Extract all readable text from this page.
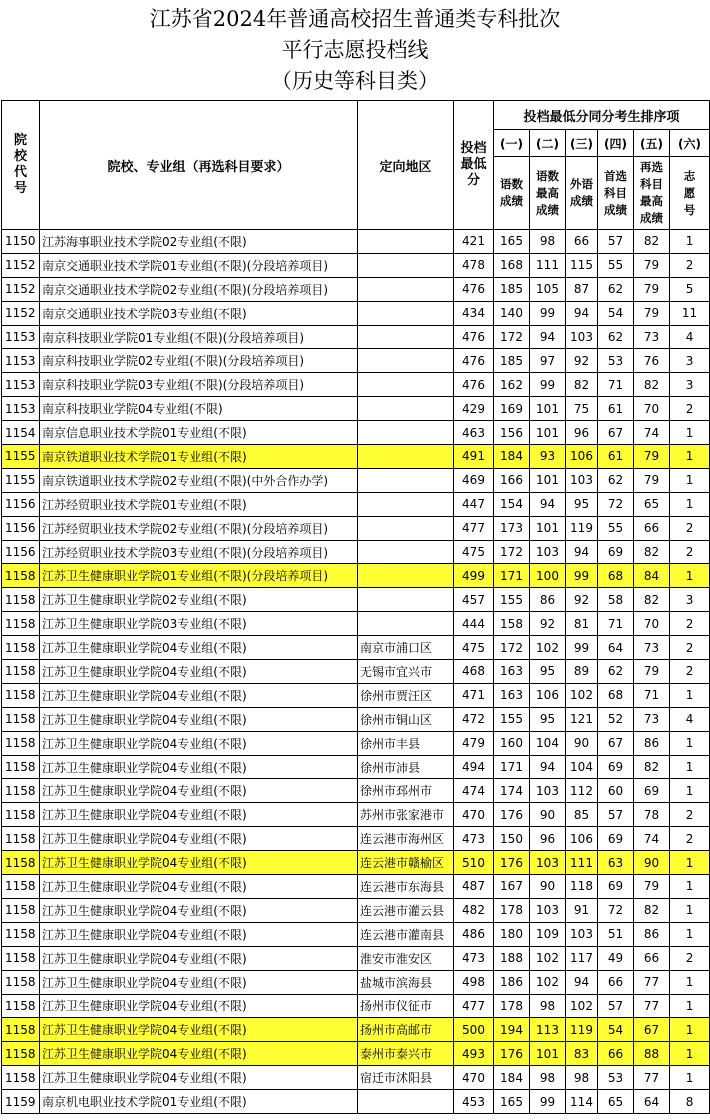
江苏省2024年普通高校招生普通类专科批次
平行志愿投档线
（历史等科目类）
院校代号	院校、专业组（再选科目要求）	定向地区	投档最低分	投档最低分同分考生排序项					
				(一)	(二)	(三)	(四)	(五)	(六)

				语数成绩	语数最高成绩	外语成绩	首选科目成绩	再选科目最高成绩	志愿号

1150	江苏海事职业技术学院02专业组(不限)		421	165	98	66	57	82	1
1152	南京交通职业技术学院01专业组(不限)(分段培养项目)		478	168	111	115	55	79	2
1152	南京交通职业技术学院02专业组(不限)(分段培养项目)		476	185	105	87	62	79	5
1152	南京交通职业技术学院03专业组(不限)		434	140	99	94	54	79	11
1153	南京科技职业学院01专业组(不限)(分段培养项目)		476	172	94	103	62	73	4
1153	南京科技职业学院02专业组(不限)(分段培养项目)		476	185	97	92	53	76	3
1153	南京科技职业学院03专业组(不限)(分段培养项目)		476	162	99	82	71	82	3
1153	南京科技职业学院04专业组(不限)		429	169	101	75	61	70	2
1154	南京信息职业技术学院01专业组(不限)		463	156	101	96	67	74	1
1155	南京铁道职业技术学院01专业组(不限)		491	184	93	106	61	79	1
1155	南京铁道职业技术学院02专业组(不限)(中外合作办学)		469	166	101	103	62	79	1
1156	江苏经贸职业技术学院01专业组(不限)		447	154	94	95	72	65	1
1156	江苏经贸职业技术学院02专业组(不限)(分段培养项目)		477	173	101	119	55	66	2
1156	江苏经贸职业技术学院03专业组(不限)(分段培养项目)		475	172	103	94	69	82	2
1158	江苏卫生健康职业学院01专业组(不限)(分段培养项目)		499	171	100	99	68	84	1
1158	江苏卫生健康职业学院02专业组(不限)		457	155	86	92	58	82	3
1158	江苏卫生健康职业学院03专业组(不限)		444	158	92	81	71	70	2
1158	江苏卫生健康职业学院04专业组(不限)	南京市浦口区	475	172	102	99	64	73	2
1158	江苏卫生健康职业学院04专业组(不限)	无锡市宜兴市	468	163	95	89	62	79	2
1158	江苏卫生健康职业学院04专业组(不限)	徐州市贾汪区	471	163	106	102	68	71	1
1158	江苏卫生健康职业学院04专业组(不限)	徐州市铜山区	472	155	95	121	52	73	4
1158	江苏卫生健康职业学院04专业组(不限)	徐州市丰县	479	160	104	90	67	86	1
1158	江苏卫生健康职业学院04专业组(不限)	徐州市沛县	494	171	94	104	69	82	1
1158	江苏卫生健康职业学院04专业组(不限)	徐州市邳州市	474	174	103	112	60	69	1
1158	江苏卫生健康职业学院04专业组(不限)	苏州市张家港市	470	176	90	85	57	78	2
1158	江苏卫生健康职业学院04专业组(不限)	连云港市海州区	473	150	96	106	69	74	2
1158	江苏卫生健康职业学院04专业组(不限)	连云港市赣榆区	510	176	103	111	63	90	1
1158	江苏卫生健康职业学院04专业组(不限)	连云港市东海县	487	167	90	118	69	79	1
1158	江苏卫生健康职业学院04专业组(不限)	连云港市灌云县	482	178	103	91	72	82	1
1158	江苏卫生健康职业学院04专业组(不限)	连云港市灌南县	486	180	109	103	51	86	1
1158	江苏卫生健康职业学院04专业组(不限)	淮安市淮安区	473	188	102	117	49	66	2
1158	江苏卫生健康职业学院04专业组(不限)	盐城市滨海县	498	186	102	94	66	77	1
1158	江苏卫生健康职业学院04专业组(不限)	扬州市仪征市	477	178	98	102	57	77	1
1158	江苏卫生健康职业学院04专业组(不限)	扬州市高邮市	500	194	113	119	54	67	1
1158	江苏卫生健康职业学院04专业组(不限)	泰州市泰兴市	493	176	101	83	66	88	1
1158	江苏卫生健康职业学院04专业组(不限)	宿迁市沭阳县	470	184	98	98	53	77	1
1159	南京机电职业技术学院01专业组(不限)		453	165	99	114	65	64	8
